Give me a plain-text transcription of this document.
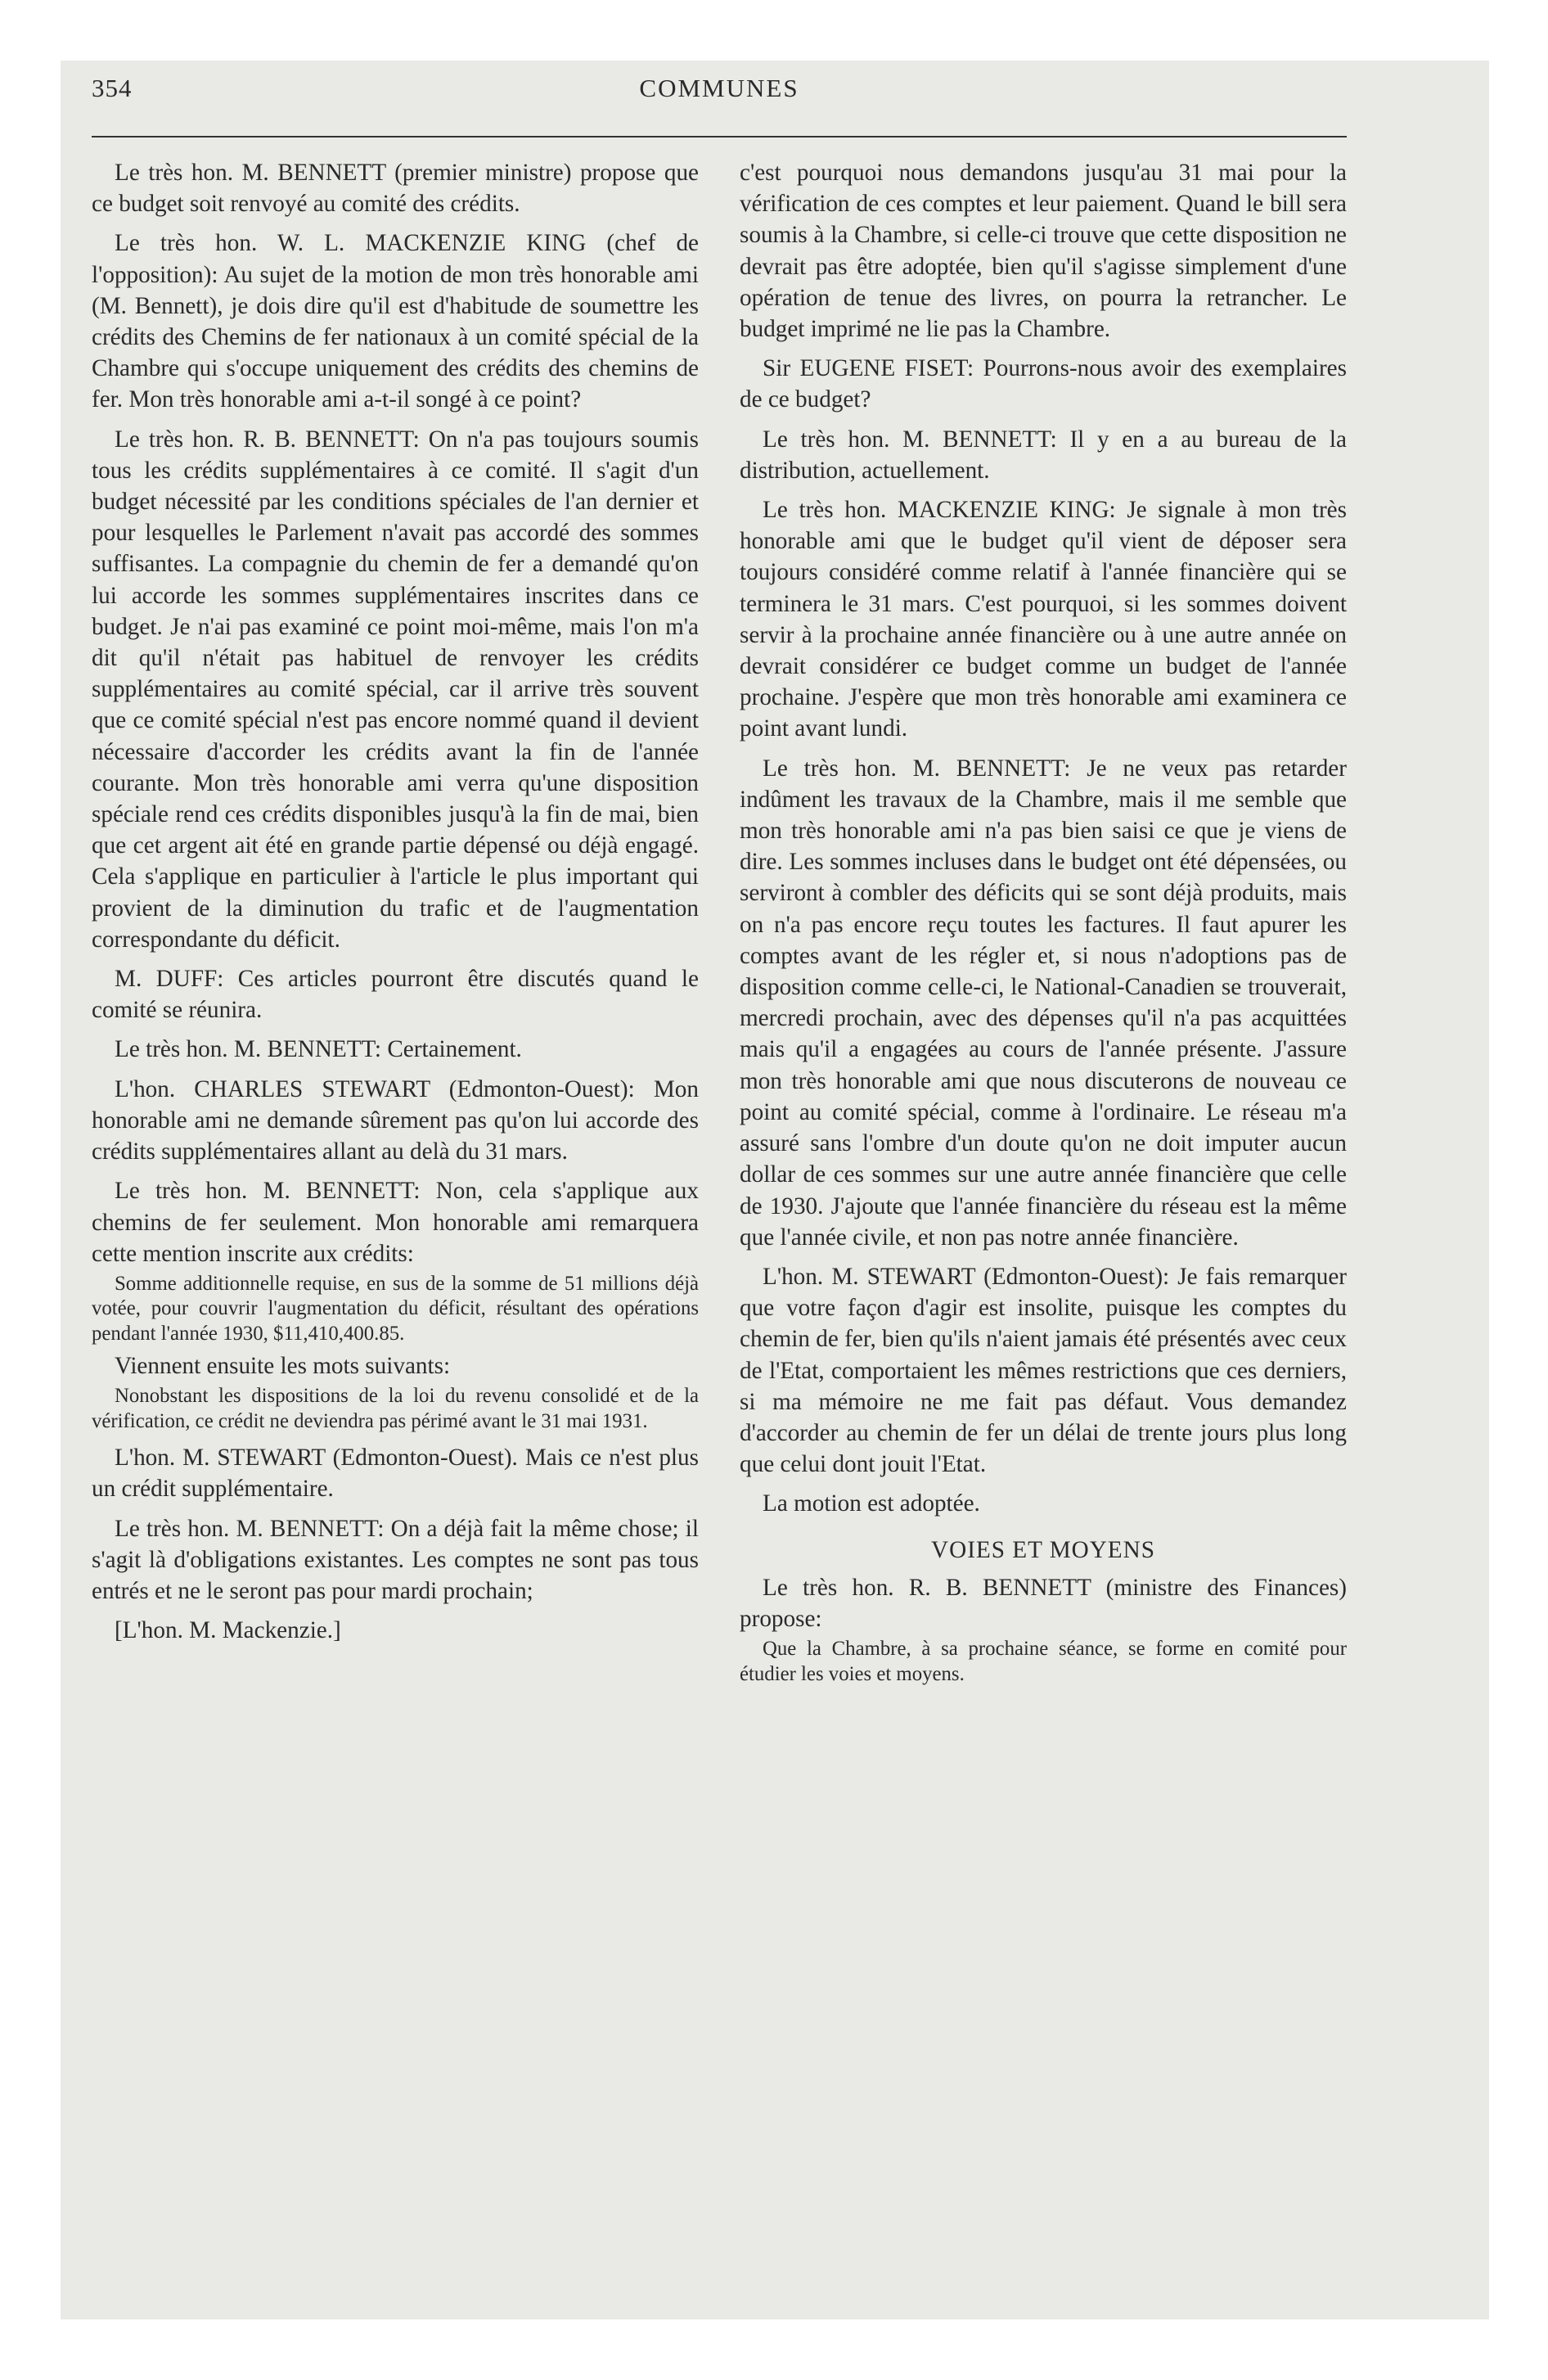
COMMUNES
354

Le très hon. M. BENNETT (premier ministre) propose que ce budget soit renvoyé au comité des crédits.

Le très hon. W. L. MACKENZIE KING (chef de l'opposition): Au sujet de la motion de mon très honorable ami (M. Bennett), je dois dire qu'il est d'habitude de soumettre les crédits des Chemins de fer nationaux à un comité spécial de la Chambre qui s'occupe uniquement des crédits des chemins de fer. Mon très honorable ami a-t-il songé à ce point?

Le très hon. R. B. BENNETT: On n'a pas toujours soumis tous les crédits supplémentaires à ce comité. Il s'agit d'un budget nécessité par les conditions spéciales de l'an dernier et pour lesquelles le Parlement n'avait pas accordé des sommes suffisantes. La compagnie du chemin de fer a demandé qu'on lui accorde les sommes supplémentaires inscrites dans ce budget. Je n'ai pas examiné ce point moi-même, mais l'on m'a dit qu'il n'était pas habituel de renvoyer les crédits supplémentaires au comité spécial, car il arrive très souvent que ce comité spécial n'est pas encore nommé quand il devient nécessaire d'accorder les crédits avant la fin de l'année courante. Mon très honorable ami verra qu'une disposition spéciale rend ces crédits disponibles jusqu'à la fin de mai, bien que cet argent ait été en grande partie dépensé ou déjà engagé. Cela s'applique en particulier à l'article le plus important qui provient de la diminution du trafic et de l'augmentation correspondante du déficit.

M. DUFF: Ces articles pourront être discutés quand le comité se réunira.

Le très hon. M. BENNETT: Certainement.

L'hon. CHARLES STEWART (Edmonton-Ouest): Mon honorable ami ne demande sûrement pas qu'on lui accorde des crédits supplémentaires allant au delà du 31 mars.

Le très hon. M. BENNETT: Non, cela s'applique aux chemins de fer seulement. Mon honorable ami remarquera cette mention inscrite aux crédits:

Somme additionnelle requise, en sus de la somme de 51 millions déjà votée, pour couvrir l'augmentation du déficit, résultant des opérations pendant l'année 1930, $11,410,400.85.

Viennent ensuite les mots suivants:

Nonobstant les dispositions de la loi du revenu consolidé et de la vérification, ce crédit ne deviendra pas périmé avant le 31 mai 1931.

L'hon. M. STEWART (Edmonton-Ouest). Mais ce n'est plus un crédit supplémentaire.

Le très hon. M. BENNETT: On a déjà fait la même chose; il s'agit là d'obligations existantes. Les comptes ne sont pas tous entrés et ne le seront pas pour mardi prochain;

[L'hon. M. Mackenzie.]

c'est pourquoi nous demandons jusqu'au 31 mai pour la vérification de ces comptes et leur paiement. Quand le bill sera soumis à la Chambre, si celle-ci trouve que cette disposition ne devrait pas être adoptée, bien qu'il s'agisse simplement d'une opération de tenue des livres, on pourra la retrancher. Le budget imprimé ne lie pas la Chambre.

Sir EUGENE FISET: Pourrons-nous avoir des exemplaires de ce budget?

Le très hon. M. BENNETT: Il y en a au bureau de la distribution, actuellement.

Le très hon. MACKENZIE KING: Je signale à mon très honorable ami que le budget qu'il vient de déposer sera toujours considéré comme relatif à l'année financière qui se terminera le 31 mars. C'est pourquoi, si les sommes doivent servir à la prochaine année financière ou à une autre année on devrait considérer ce budget comme un budget de l'année prochaine. J'espère que mon très honorable ami examinera ce point avant lundi.

Le très hon. M. BENNETT: Je ne veux pas retarder indûment les travaux de la Chambre, mais il me semble que mon très honorable ami n'a pas bien saisi ce que je viens de dire. Les sommes incluses dans le budget ont été dépensées, ou serviront à combler des déficits qui se sont déjà produits, mais on n'a pas encore reçu toutes les factures. Il faut apurer les comptes avant de les régler et, si nous n'adoptions pas de disposition comme celle-ci, le National-Canadien se trouverait, mercredi prochain, avec des dépenses qu'il n'a pas acquittées mais qu'il a engagées au cours de l'année présente. J'assure mon très honorable ami que nous discuterons de nouveau ce point au comité spécial, comme à l'ordinaire. Le réseau m'a assuré sans l'ombre d'un doute qu'on ne doit imputer aucun dollar de ces sommes sur une autre année financière que celle de 1930. J'ajoute que l'année financière du réseau est la même que l'année civile, et non pas notre année financière.

L'hon. M. STEWART (Edmonton-Ouest): Je fais remarquer que votre façon d'agir est insolite, puisque les comptes du chemin de fer, bien qu'ils n'aient jamais été présentés avec ceux de l'Etat, comportaient les mêmes restrictions que ces derniers, si ma mémoire ne me fait pas défaut. Vous demandez d'accorder au chemin de fer un délai de trente jours plus long que celui dont jouit l'Etat.

La motion est adoptée.

VOIES ET MOYENS

Le très hon. R. B. BENNETT (ministre des Finances) propose:

Que la Chambre, à sa prochaine séance, se forme en comité pour étudier les voies et moyens.
